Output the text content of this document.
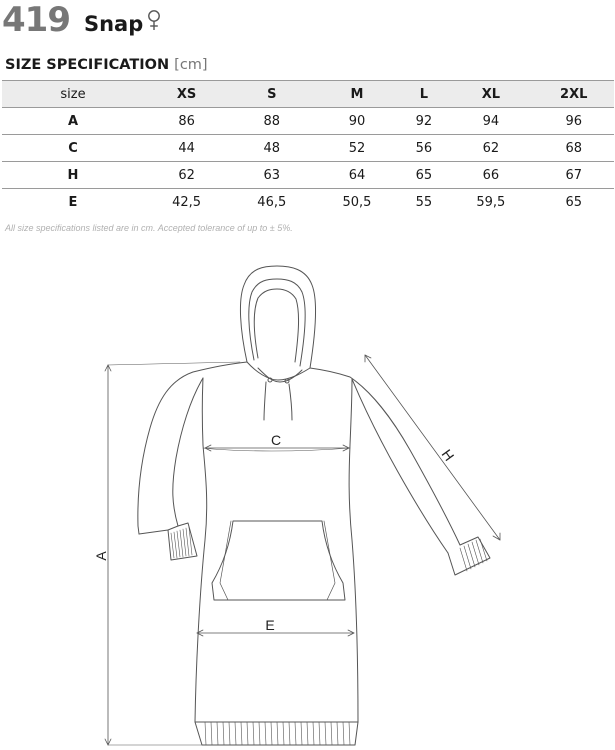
419 Snap
SIZE SPECIFICATION [cm]
size	XS	S	M	L	XL	2XL
A	86	88	90	92	94	96
C	44	48	52	56	62	68
H	62	63	64	65	66	67
E	42,5	46,5	50,5	55	59,5	65
All size specifications listed are in cm. Accepted tolerance of up to ± 5%.
A
C
E
H
